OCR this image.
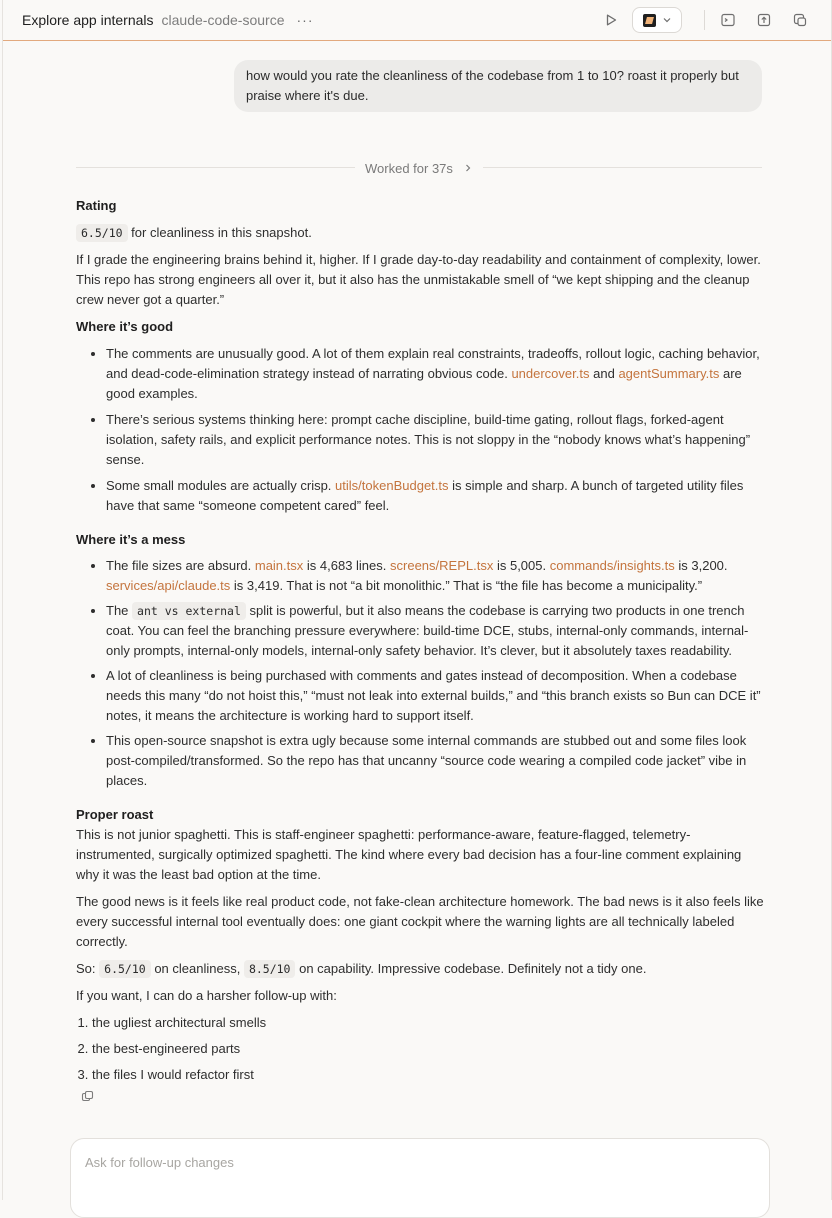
Explore app internals claude-code-source ···
how would you rate the cleanliness of the codebase from 1 to 10? roast it properly but praise where it's due.
Worked for 37s

Rating

6.5/10 for cleanliness in this snapshot.

If I grade the engineering brains behind it, higher. If I grade day-to-day readability and containment of complexity, lower. This repo has strong engineers all over it, but it also has the unmistakable smell of “we kept shipping and the cleanup crew never got a quarter.”

Where it’s good

• The comments are unusually good. A lot of them explain real constraints, tradeoffs, rollout logic, caching behavior, and dead-code-elimination strategy instead of narrating obvious code. undercover.ts and agentSummary.ts are good examples.
• There’s serious systems thinking here: prompt cache discipline, build-time gating, rollout flags, forked-agent isolation, safety rails, and explicit performance notes. This is not sloppy in the “nobody knows what’s happening” sense.
• Some small modules are actually crisp. utils/tokenBudget.ts is simple and sharp. A bunch of targeted utility files have that same “someone competent cared” feel.

Where it’s a mess

• The file sizes are absurd. main.tsx is 4,683 lines. screens/REPL.tsx is 5,005. commands/insights.ts is 3,200. services/api/claude.ts is 3,419. That is not “a bit monolithic.” That is “the file has become a municipality.”
• The ant vs external split is powerful, but it also means the codebase is carrying two products in one trench coat. You can feel the branching pressure everywhere: build-time DCE, stubs, internal-only commands, internal-only prompts, internal-only models, internal-only safety behavior. It’s clever, but it absolutely taxes readability.
• A lot of cleanliness is being purchased with comments and gates instead of decomposition. When a codebase needs this many “do not hoist this,” “must not leak into external builds,” and “this branch exists so Bun can DCE it” notes, it means the architecture is working hard to support itself.
• This open-source snapshot is extra ugly because some internal commands are stubbed out and some files look post-compiled/transformed. So the repo has that uncanny “source code wearing a compiled code jacket” vibe in places.

Proper roast

This is not junior spaghetti. This is staff-engineer spaghetti: performance-aware, feature-flagged, telemetry-instrumented, surgically optimized spaghetti. The kind where every bad decision has a four-line comment explaining why it was the least bad option at the time.

The good news is it feels like real product code, not fake-clean architecture homework. The bad news is it also feels like every successful internal tool eventually does: one giant cockpit where the warning lights are all technically labeled correctly.

So: 6.5/10 on cleanliness, 8.5/10 on capability. Impressive codebase. Definitely not a tidy one.

If you want, I can do a harsher follow-up with:

1. the ugliest architectural smells
2. the best-engineered parts
3. the files I would refactor first
Ask for follow-up changes
